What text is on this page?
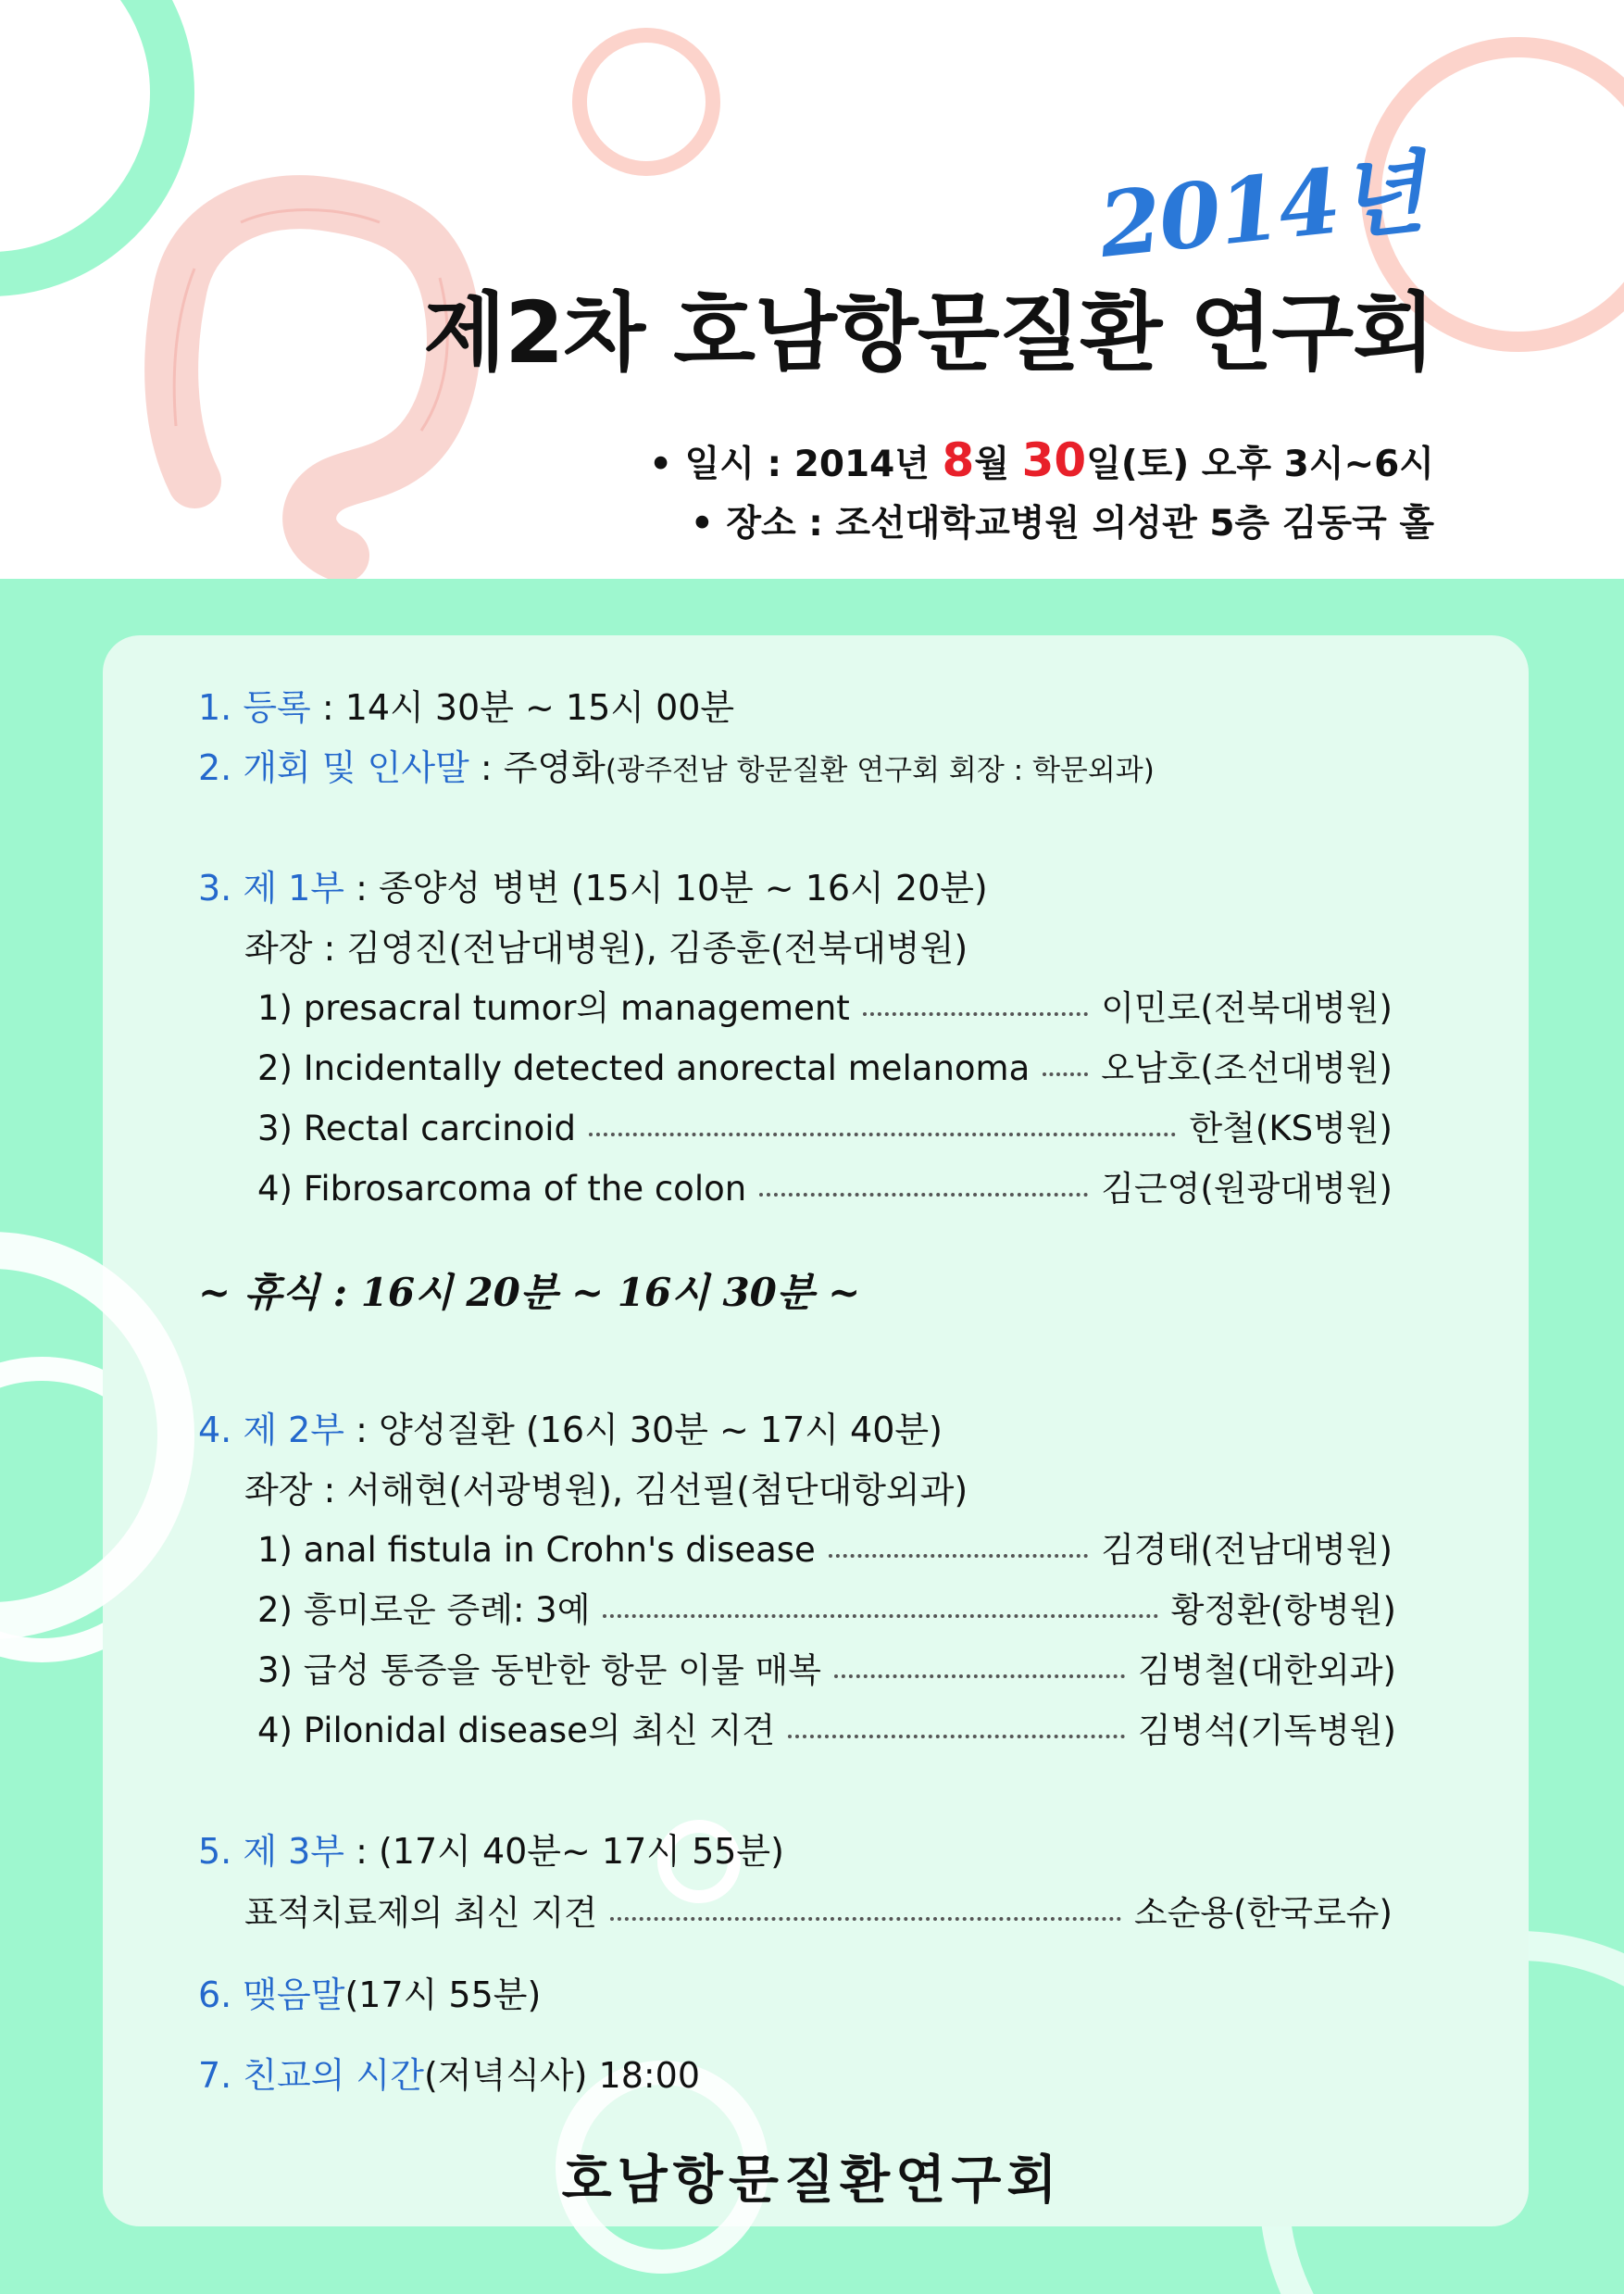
2014년
제2차 호남항문질환 연구회
• 일시 : 2014년 8월 30일(토) 오후 3시~6시
• 장소 : 조선대학교병원 의성관 5층 김동국 홀
1. 등록 : 14시 30분 ~ 15시 00분
2. 개회 및 인사말 : 주영화(광주전남 항문질환 연구회 회장 : 학문외과)
3. 제 1부 : 종양성 병변 (15시 10분 ~ 16시 20분)
좌장 : 김영진(전남대병원), 김종훈(전북대병원)
1) presacral tumor의 management	이민로(전북대병원)
2) Incidentally detected anorectal melanoma 오남호(조선대병원)
3) Rectal carcinoid	한철(KS병원)
4) Fibrosarcoma of the colon	김근영(원광대병원)
~ 휴식 : 16시 20분 ~ 16시 30분 ~
4. 제 2부 : 양성질환 (16시 30분 ~ 17시 40분)
좌장 : 서해현(서광병원), 김선필(첨단대항외과)
1) anal fistula in Crohn's disease	김경태(전남대병원)
2) 흥미로운 증례: 3예	황정환(항병원)
3) 급성 통증을 동반한 항문 이물 매복	김병철(대한외과)
4) Pilonidal disease의 최신 지견	김병석(기독병원)
5. 제 3부 : (17시 40분~ 17시 55분)
표적치료제의 최신 지견	소순용(한국로슈)
6. 맺음말(17시 55분)
7. 친교의 시간(저녁식사) 18:00
호남항문질환연구회
